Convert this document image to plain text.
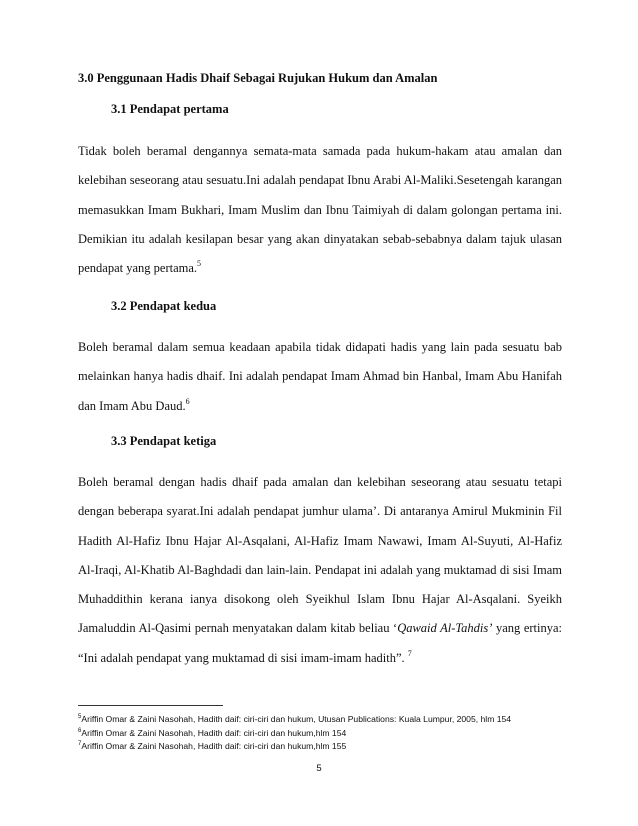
3.0 Penggunaan Hadis Dhaif Sebagai Rujukan Hukum dan Amalan
3.1 Pendapat pertama
Tidak boleh beramal dengannya semata-mata samada pada hukum-hakam atau amalan dan
kelebihan seseorang atau sesuatu.Ini adalah pendapat Ibnu Arabi Al-Maliki.Sesetengah karangan
memasukkan Imam Bukhari, Imam Muslim dan Ibnu Taimiyah di dalam golongan pertama ini.
Demikian itu adalah kesilapan besar yang akan dinyatakan sebab-sebabnya dalam tajuk ulasan
pendapat yang pertama.$^5$
3.2 Pendapat kedua
Boleh beramal dalam semua keadaan apabila tidak didapati hadis yang lain pada sesuatu bab
melainkan hanya hadis dhaif. Ini adalah pendapat Imam Ahmad bin Hanbal, Imam Abu Hanifah
dan Imam Abu Daud.$^6$
3.3 Pendapat ketiga
Boleh beramal dengan hadis dhaif pada amalan dan kelebihan seseorang atau sesuatu tetapi
dengan beberapa syarat.Ini adalah pendapat jumhur ulama’. Di antaranya Amirul Mukminin Fil
Hadith Al-Hafiz Ibnu Hajar Al-Asqalani, Al-Hafiz Imam Nawawi, Imam Al-Suyuti, Al-Hafiz
Al-Iraqi, Al-Khatib Al-Baghdadi dan lain-lain. Pendapat ini adalah yang muktamad di sisi Imam
Muhaddithin kerana ianya disokong oleh Syeikhul Islam Ibnu Hajar Al-Asqalani. Syeikh
Jamaluddin Al-Qasimi pernah menyatakan dalam kitab beliau ‘Qawaid Al-Tahdis’ yang ertinya:
“Ini adalah pendapat yang muktamad di sisi imam-imam hadith”. $^7$
$^5$Ariffin Omar & Zaini Nasohah, Hadith daif: ciri-ciri dan hukum, Utusan Publications: Kuala Lumpur, 2005, hlm 154
$^6$Ariffin Omar & Zaini Nasohah, Hadith daif: ciri-ciri dan hukum,hlm 154
$^7$Ariffin Omar & Zaini Nasohah, Hadith daif: ciri-ciri dan hukum,hlm 155
5
